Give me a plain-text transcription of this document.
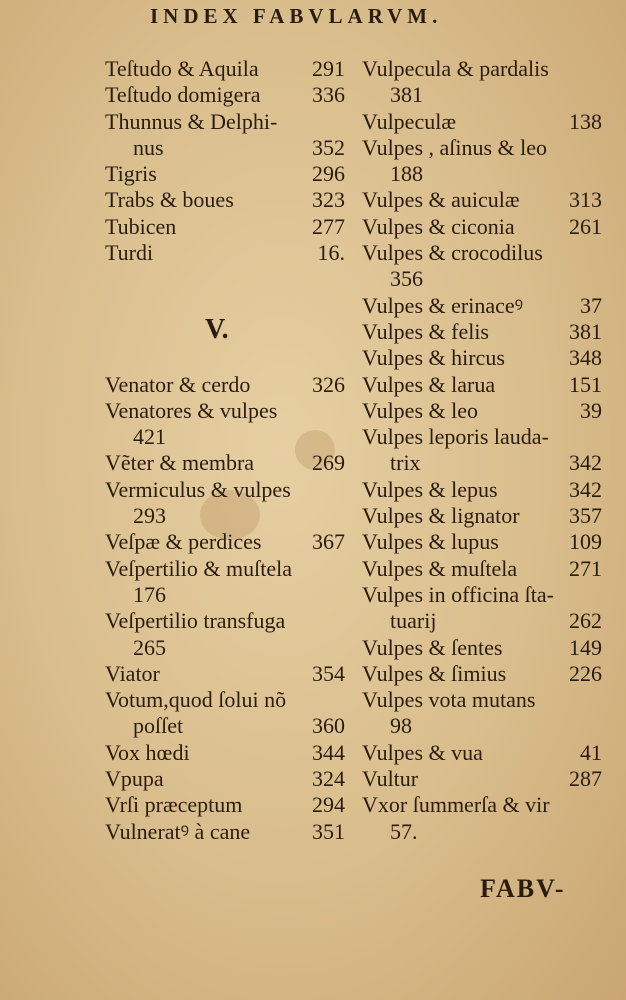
INDEX FABVLARVM.
Teſtudo & Aquila 291
Teſtudo domigera 336
Thunnus & Delphi-
nus	352
Tigris	296
Trabs & boues	323
Tubicen	277
Turdi	16.
Venator & cerdo	326
Venatores & vulpes
421
Vẽter & membra	269
Vermiculus & vulpes
293
Veſpæ & perdices 367
Veſpertilio & muſtela
176
Veſpertilio transfuga
265
Viator	354
Votum,quod ſolui nõ
poſſet	360
Vox hœdi	344
Vpupa	324
Vrſi præceptum	294
Vulneratꝰ à cane	351
V.
Vulpecula & pardalis
381
Vulpeculæ	138
Vulpes , aſinus & leo
188
Vulpes & auiculæ 313
Vulpes & ciconia 261
Vulpes & crocodilus
356
Vulpes & erinaceꝰ	37
Vulpes & felis	381
Vulpes & hircus	348
Vulpes & larua	151
Vulpes & leo	39
Vulpes leporis lauda-
trix	342
Vulpes & lepus	342
Vulpes & lignator 357
Vulpes & lupus	109
Vulpes & muſtela 271
Vulpes in officina ſta-
tuarij	262
Vulpes & ſentes	149
Vulpes & ſimius	226
Vulpes vota mutans
98
Vulpes & vua	41
Vultur	287
Vxor ſummerſa & vir
57.
FABV-
